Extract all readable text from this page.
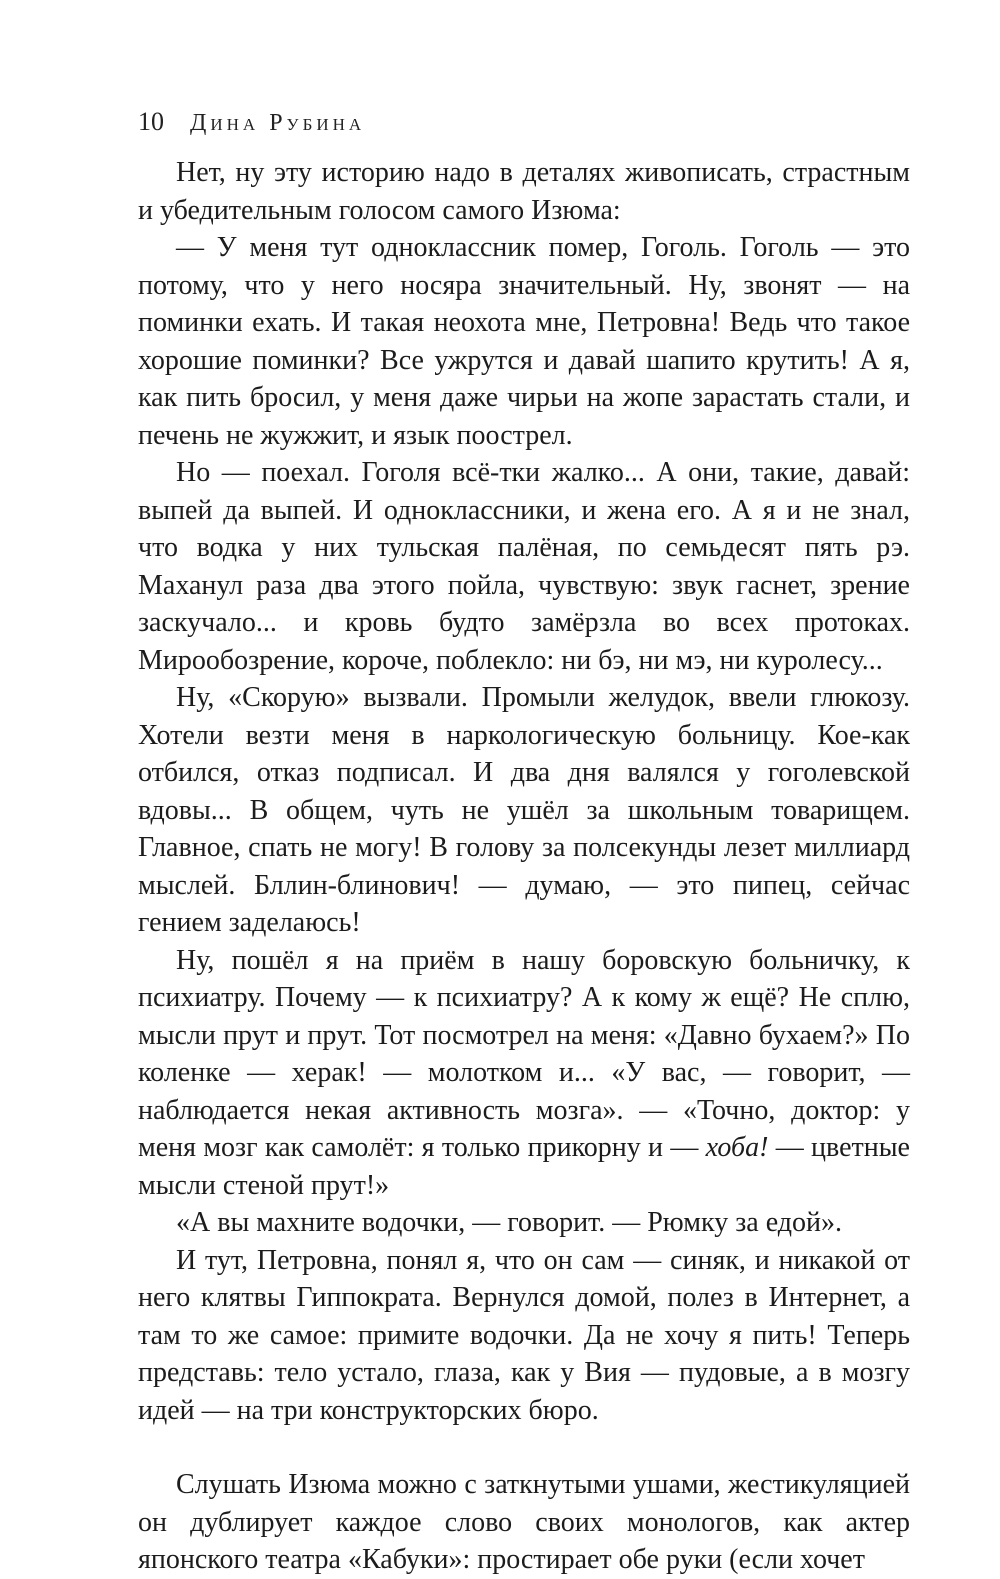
10 Дина Рубина

Нет, ну эту историю надо в деталях живописать, страстным и убедительным голосом самого Изюма:

— У меня тут одноклассник помер, Гоголь. Гоголь — это потому, что у него носяра значительный. Ну, звонят — на поминки ехать. И такая неохота мне, Петровна! Ведь что такое хорошие поминки? Все ужрутся и давай шапито крутить! А я, как пить бросил, у меня даже чирьи на жопе зарастать стали, и печень не жужжит, и язык поострел.

Но — поехал. Гоголя всё-тки жалко... А они, такие, давай: выпей да выпей. И одноклассники, и жена его. А я и не знал, что водка у них тульская палёная, по семьдесят пять рэ. Маханул раза два этого пойла, чувствую: звук гаснет, зрение заскучало... и кровь будто замёрзла во всех протоках. Мирообозрение, короче, поблекло: ни бэ, ни мэ, ни куролесу...

Ну, «Скорую» вызвали. Промыли желудок, ввели глюкозу. Хотели везти меня в наркологическую больницу. Кое-как отбился, отказ подписал. И два дня валялся у гоголевской вдовы... В общем, чуть не ушёл за школьным товарищем. Главное, спать не могу! В голову за полсекунды лезет миллиард мыслей. Бллин-блинович! — думаю, — это пипец, сейчас гением заделаюсь!

Ну, пошёл я на приём в нашу боровскую больничку, к психиатру. Почему — к психиатру? А к кому ж ещё? Не сплю, мысли прут и прут. Тот посмотрел на меня: «Давно бухаем?» По коленке — херак! — молотком и... «У вас, — говорит, — наблюдается некая активность мозга». — «Точно, доктор: у меня мозг как самолёт: я только прикорну и — хоба! — цветные мысли стеной прут!»

«А вы махните водочки, — говорит. — Рюмку за едой».

И тут, Петровна, понял я, что он сам — синяк, и никакой от него клятвы Гиппократа. Вернулся домой, полез в Интернет, а там то же самое: примите водочки. Да не хочу я пить! Теперь представь: тело устало, глаза, как у Вия — пудовые, а в мозгу идей — на три конструкторских бюро.

Слушать Изюма можно с заткнутыми ушами, жестикуляцией он дублирует каждое слово своих монологов, как актер японского театра «Кабуки»: простирает обе руки (если хочет
